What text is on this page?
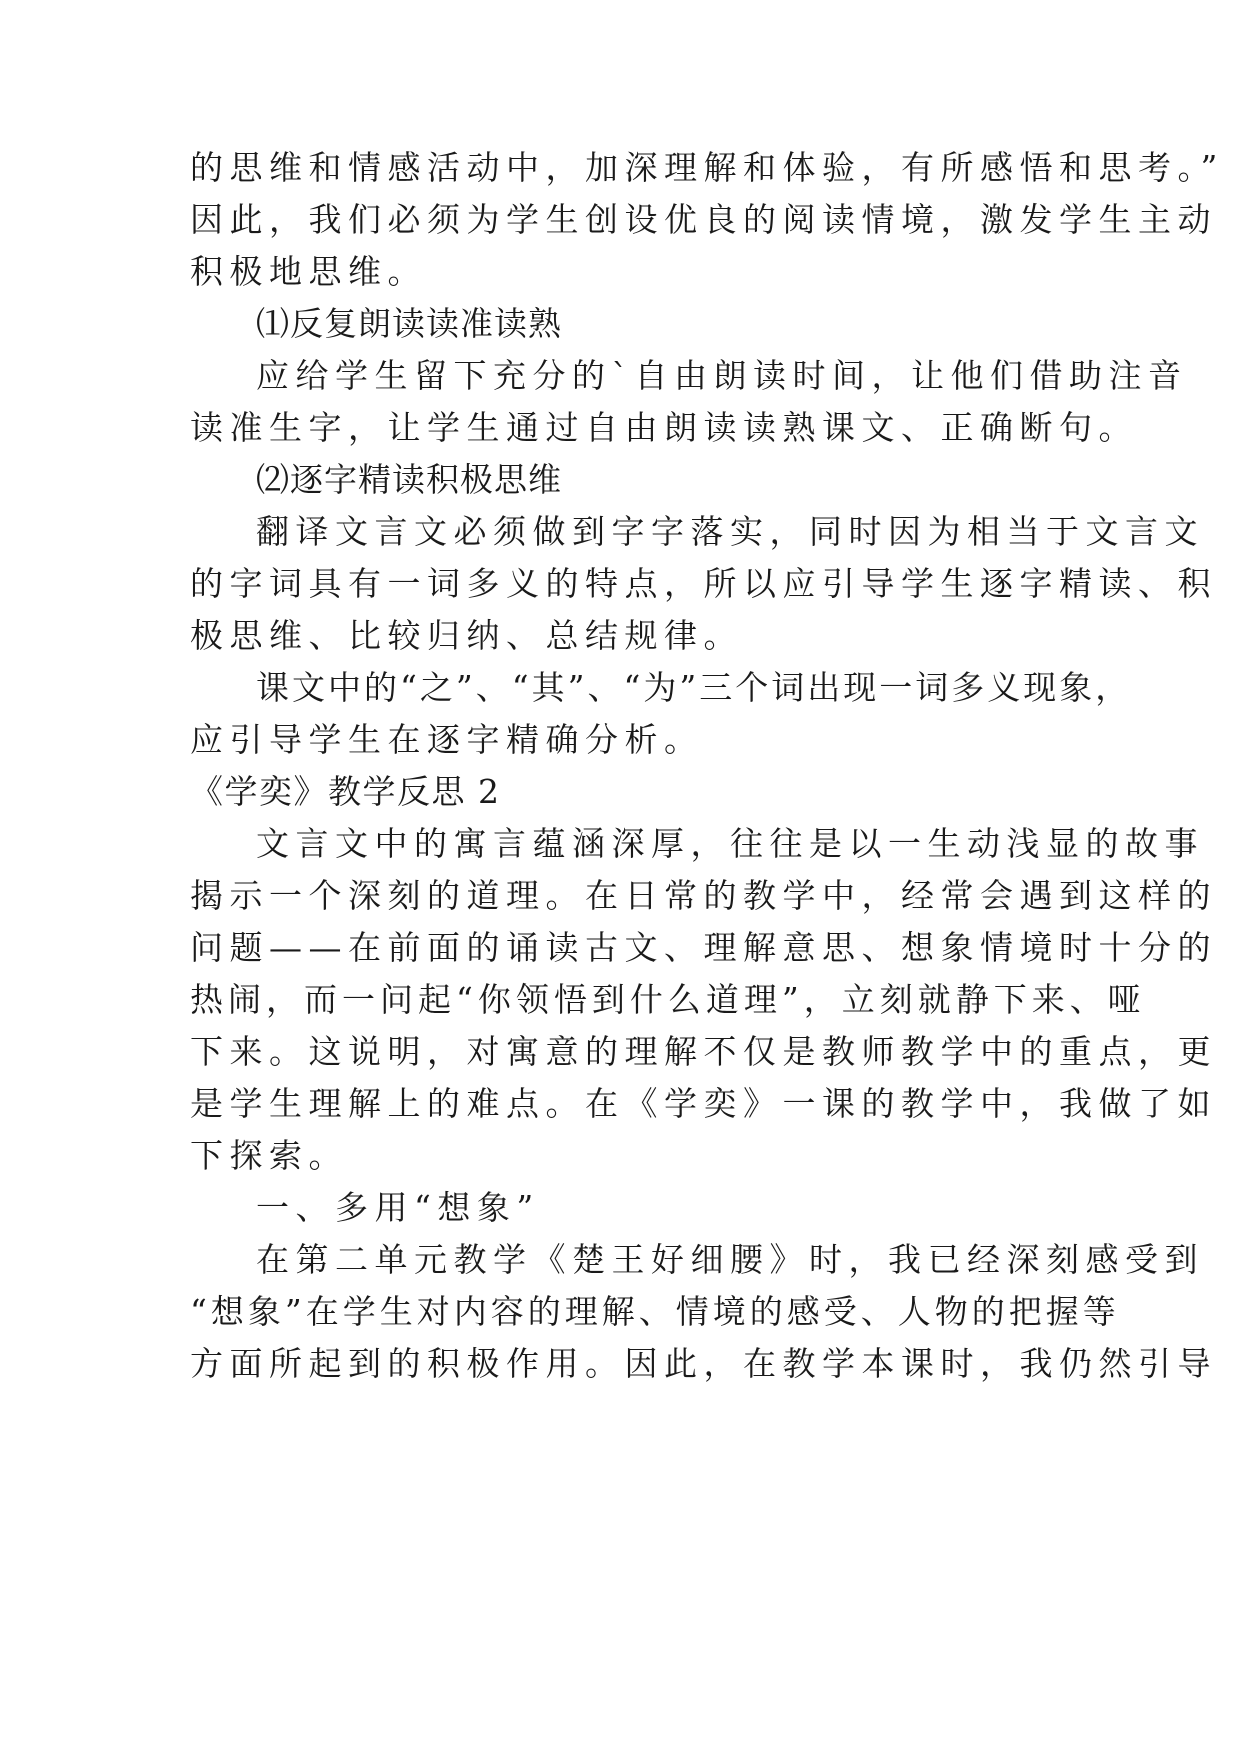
的思维和情感活动中，加深理解和体验，有所感悟和思考。”
因此，我们必须为学生创设优良的阅读情境，激发学生主动
积极地思维。
⑴反复朗读读准读熟
应给学生留下充分的`自由朗读时间，让他们借助注音
读准生字，让学生通过自由朗读读熟课文、正确断句。
⑵逐字精读积极思维
翻译文言文必须做到字字落实，同时因为相当于文言文
的字词具有一词多义的特点，所以应引导学生逐字精读、积
极思维、比较归纳、总结规律。
课文中的“之”、“其”、“为”三个词出现一词多义现象，
应引导学生在逐字精确分析。
《学奕》教学反思 2
文言文中的寓言蕴涵深厚，往往是以一生动浅显的故事
揭示一个深刻的道理。在日常的教学中，经常会遇到这样的
问题——在前面的诵读古文、理解意思、想象情境时十分的
热闹，而一问起“你领悟到什么道理”，立刻就静下来、哑
下来。这说明，对寓意的理解不仅是教师教学中的重点，更
是学生理解上的难点。在《学奕》一课的教学中，我做了如
下探索。
一、多用“想象”
在第二单元教学《楚王好细腰》时，我已经深刻感受到
“想象”在学生对内容的理解、情境的感受、人物的把握等
方面所起到的积极作用。因此，在教学本课时，我仍然引导
